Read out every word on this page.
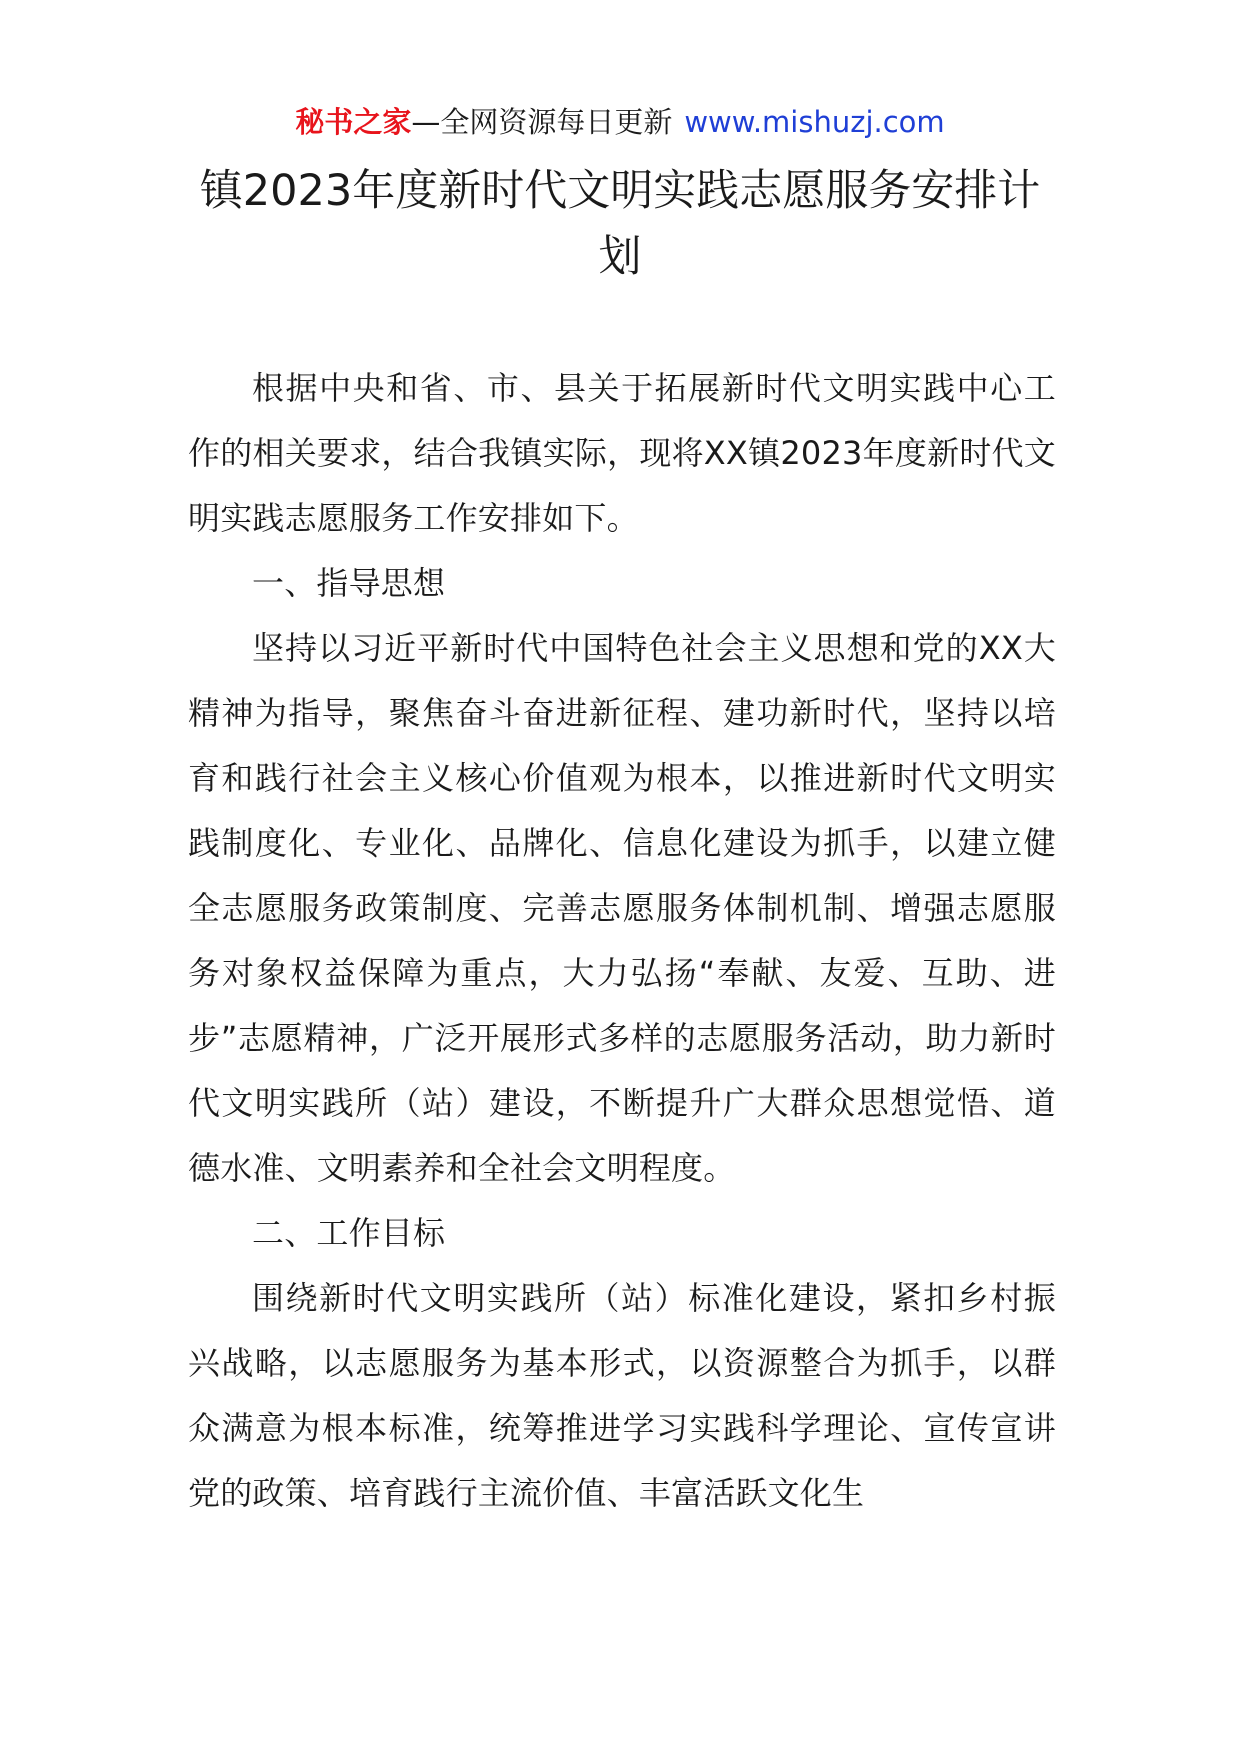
秘书之家—全网资源每日更新 www.mishuzj.com
镇2023年度新时代文明实践志愿服务安排计划

根据中央和省、市、县关于拓展新时代文明实践中心工作的相关要求，结合我镇实际，现将XX镇2023年度新时代文明实践志愿服务工作安排如下。

一、指导思想

坚持以习近平新时代中国特色社会主义思想和党的XX大精神为指导，聚焦奋斗奋进新征程、建功新时代，坚持以培育和践行社会主义核心价值观为根本，以推进新时代文明实践制度化、专业化、品牌化、信息化建设为抓手，以建立健全志愿服务政策制度、完善志愿服务体制机制、增强志愿服务对象权益保障为重点，大力弘扬“奉献、友爱、互助、进步”志愿精神，广泛开展形式多样的志愿服务活动，助力新时代文明实践所（站）建设，不断提升广大群众思想觉悟、道德水准、文明素养和全社会文明程度。

二、工作目标

围绕新时代文明实践所（站）标准化建设，紧扣乡村振兴战略，以志愿服务为基本形式，以资源整合为抓手，以群众满意为根本标准，统筹推进学习实践科学理论、宣传宣讲党的政策、培育践行主流价值、丰富活跃文化生
